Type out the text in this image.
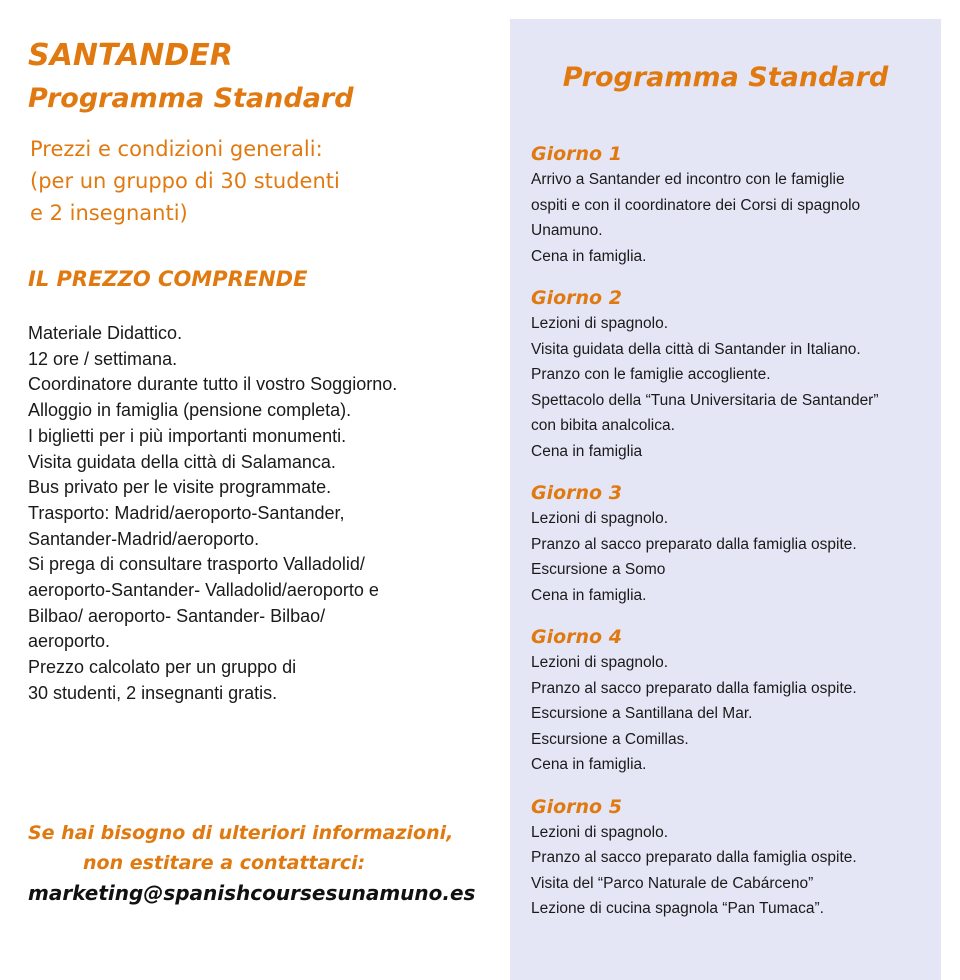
SANTANDER
Programma Standard
Prezzi e condizioni generali:
(per un gruppo di 30 studenti
e 2 insegnanti)
IL PREZZO COMPRENDE
Materiale Didattico.
12 ore / settimana.
Coordinatore durante tutto il vostro Soggiorno.
Alloggio in famiglia (pensione completa).
I biglietti per i più importanti monumenti.
Visita guidata della città di Salamanca.
Bus privato per le visite programmate.
Trasporto: Madrid/aeroporto-Santander,
Santander-Madrid/aeroporto.
Si prega di consultare trasporto Valladolid/
aeroporto-Santander- Valladolid/aeroporto e
Bilbao/ aeroporto- Santander- Bilbao/
aeroporto.
Prezzo calcolato per un gruppo di
30 studenti, 2 insegnanti gratis.
Se hai bisogno di ulteriori informazioni,
non estitare a contattarci:
marketing@spanishcoursesunamuno.es
Programma Standard
Giorno 1
Arrivo a Santander ed incontro con le famiglie
ospiti e con il coordinatore dei Corsi di spagnolo
Unamuno.
Cena in famiglia.
Giorno 2
Lezioni di spagnolo.
Visita guidata della città di Santander in Italiano.
Pranzo con le famiglie accogliente.
Spettacolo della “Tuna Universitaria de Santander”
con bibita analcolica.
Cena in famiglia
Giorno 3
Lezioni di spagnolo.
Pranzo al sacco preparato dalla famiglia ospite.
Escursione a Somo
Cena in famiglia.
Giorno 4
Lezioni di spagnolo.
Pranzo al sacco preparato dalla famiglia ospite.
Escursione a Santillana del Mar.
Escursione a Comillas.
Cena in famiglia.
Giorno 5
Lezioni di spagnolo.
Pranzo al sacco preparato dalla famiglia ospite.
Visita del “Parco Naturale de Cabárceno”
Lezione di cucina spagnola “Pan Tumaca”.
